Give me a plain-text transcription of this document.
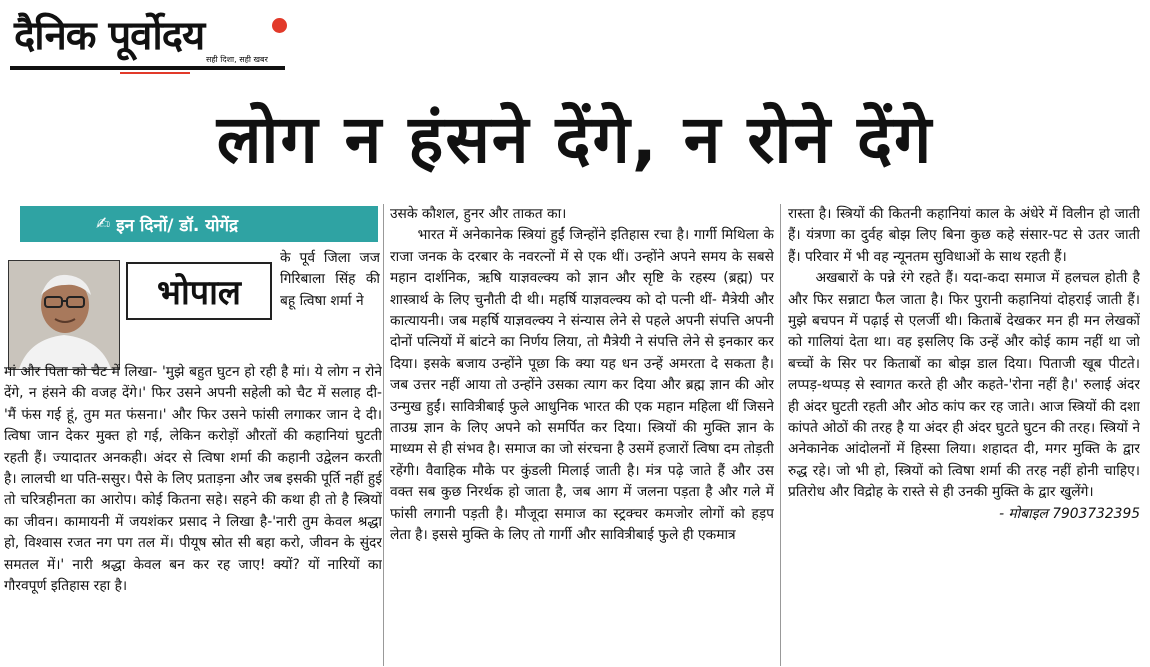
दैनिक पूर्वोदय
सही दिशा, सही खबर
लोग न हंसने देंगे, न रोने देंगे
✍ इन दिनों/ डॉ. योगेंद्र
भोपाल

के पूर्व जिला जज गिरिबाला सिंह की बहू त्विषा शर्मा ने

मां और पिता को चैट में लिखा- 'मुझे बहुत घुटन हो रही है मां। ये लोग न रोने देंगे, न हंसने की वजह देंगे।' फिर उसने अपनी सहेली को चैट में सलाह दी- 'मैं फंस गई हूं, तुम मत फंसना।' और फिर उसने फांसी लगाकर जान दे दी। त्विषा जान देकर मुक्त हो गई, लेकिन करोड़ों औरतों की कहानियां घुटती रहती हैं। ज्यादातर अनकही। अंदर से त्विषा शर्मा की कहानी उद्वेलन करती है। लालची था पति-ससुर। पैसे के लिए प्रताड़ना और जब इसकी पूर्ति नहीं हुई तो चरित्रहीनता का आरोप। कोई कितना सहे। सहने की कथा ही तो है स्त्रियों का जीवन। कामायनी में जयशंकर प्रसाद ने लिखा है-'नारी तुम केवल श्रद्धा हो, विश्वास रजत नग पग तल में। पीयूष स्रोत सी बहा करो, जीवन के सुंदर समतल में।' नारी श्रद्धा केवल बन कर रह जाए! क्यों? यों नारियों का गौरवपूर्ण इतिहास रहा है।

उसके कौशल, हुनर और ताकत का।

भारत में अनेकानेक स्त्रियां हुईं जिन्होंने इतिहास रचा है। गार्गी मिथिला के राजा जनक के दरबार के नवरत्नों में से एक थीं। उन्होंने अपने समय के सबसे महान दार्शनिक, ऋषि याज्ञवल्क्य को ज्ञान और सृष्टि के रहस्य (ब्रह्म) पर शास्त्रार्थ के लिए चुनौती दी थी। महर्षि याज्ञवल्क्य को दो पत्नी थीं- मैत्रेयी और कात्यायनी। जब महर्षि याज्ञवल्क्य ने संन्यास लेने से पहले अपनी संपत्ति अपनी दोनों पत्नियों में बांटने का निर्णय लिया, तो मैत्रेयी ने संपत्ति लेने से इनकार कर दिया। इसके बजाय उन्होंने पूछा कि क्या यह धन उन्हें अमरता दे सकता है। जब उत्तर नहीं आया तो उन्होंने उसका त्याग कर दिया और ब्रह्म ज्ञान की ओर उन्मुख हुईं। सावित्रीबाई फुले आधुनिक भारत की एक महान महिला थीं जिसने ताउम्र ज्ञान के लिए अपने को समर्पित कर दिया। स्त्रियों की मुक्ति ज्ञान के माध्यम से ही संभव है। समाज का जो संरचना है उसमें हजारों त्विषा दम तोड़ती रहेंगी। वैवाहिक मौके पर कुंडली मिलाई जाती है। मंत्र पढ़े जाते हैं और उस वक्त सब कुछ निरर्थक हो जाता है, जब आग में जलना पड़ता है और गले में फांसी लगानी पड़ती है। मौजूदा समाज का स्ट्रक्चर कमजोर लोगों को हड़प लेता है। इससे मुक्ति के लिए तो गार्गी और सावित्रीबाई फुले ही एकमात्र

रास्ता है। स्त्रियों की कितनी कहानियां काल के अंधेरे में विलीन हो जाती हैं। यंत्रणा का दुर्वह बोझ लिए बिना कुछ कहे संसार-पट से उतर जाती हैं। परिवार में भी वह न्यूनतम सुविधाओं के साथ रहती हैं।

अखबारों के पन्ने रंगे रहते हैं। यदा-कदा समाज में हलचल होती है और फिर सन्नाटा फैल जाता है। फिर पुरानी कहानियां दोहराई जाती हैं। मुझे बचपन में पढ़ाई से एलर्जी थी। किताबें देखकर मन ही मन लेखकों को गालियां देता था। वह इसलिए कि उन्हें और कोई काम नहीं था जो बच्चों के सिर पर किताबों का बोझ डाल दिया। पिताजी खूब पीटते। लप्पड़-थप्पड़ से स्वागत करते ही और कहते-'रोना नहीं है।' रुलाई अंदर ही अंदर घुटती रहती और ओठ कांप कर रह जाते। आज स्त्रियों की दशा कांपते ओठों की तरह है या अंदर ही अंदर घुटते घुटन की तरह। स्त्रियों ने अनेकानेक आंदोलनों में हिस्सा लिया। शहादत दी, मगर मुक्ति के द्वार रुद्ध रहे। जो भी हो, स्त्रियों को त्विषा शर्मा की तरह नहीं होनी चाहिए। प्रतिरोध और विद्रोह के रास्ते से ही उनकी मुक्ति के द्वार खुलेंगे।

- मोबाइल 7903732395
